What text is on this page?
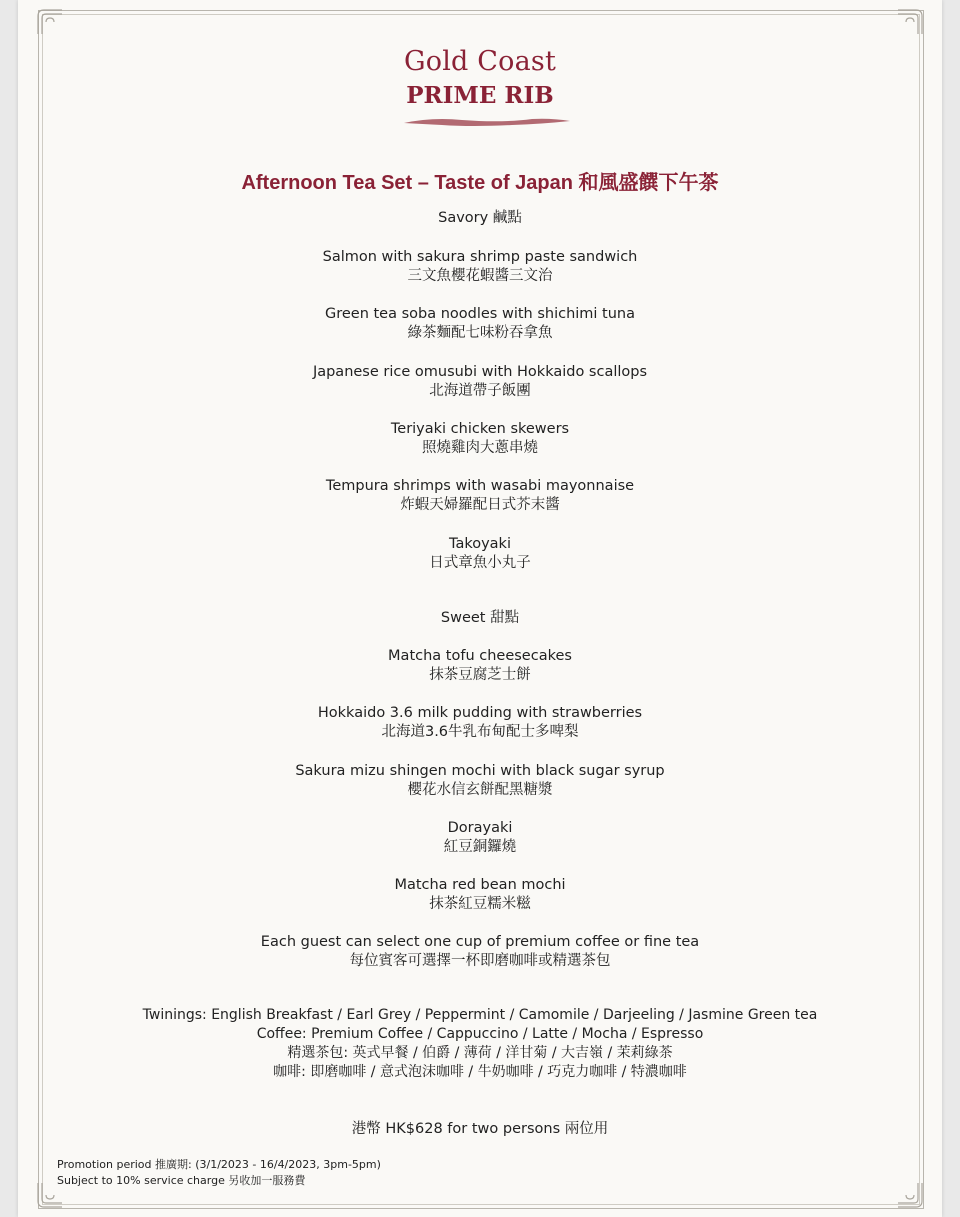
Gold Coast
PRIME RIB
Afternoon Tea Set – Taste of Japan 和風盛饌下午茶
Savory 鹹點
Salmon with sakura shrimp paste sandwich
三文魚櫻花蝦醬三文治
Green tea soba noodles with shichimi tuna
綠茶麵配七味粉吞拿魚
Japanese rice omusubi with Hokkaido scallops
北海道帶子飯團
Teriyaki chicken skewers
照燒雞肉大蔥串燒
Tempura shrimps with wasabi mayonnaise
炸蝦天婦羅配日式芥末醬
Takoyaki
日式章魚小丸子
Sweet 甜點
Matcha tofu cheesecakes
抹茶豆腐芝士餅
Hokkaido 3.6 milk pudding with strawberries
北海道3.6牛乳布甸配士多啤梨
Sakura mizu shingen mochi with black sugar syrup
櫻花水信玄餅配黑糖漿
Dorayaki
紅豆銅鑼燒
Matcha red bean mochi
抹茶紅豆糯米糍
Each guest can select one cup of premium coffee or fine tea
每位賓客可選擇一杯即磨咖啡或精選茶包
Twinings: English Breakfast / Earl Grey / Peppermint / Camomile / Darjeeling / Jasmine Green tea
Coffee: Premium Coffee / Cappuccino / Latte / Mocha / Espresso
精選茶包: 英式早餐 / 伯爵 / 薄荷 / 洋甘菊 / 大吉嶺 / 茉莉綠茶
咖啡: 即磨咖啡 / 意式泡沫咖啡 / 牛奶咖啡 / 巧克力咖啡 / 特濃咖啡
港幣 HK$628 for two persons 兩位用
Promotion period 推廣期: (3/1/2023 - 16/4/2023, 3pm-5pm)
Subject to 10% service charge 另收加一服務費
